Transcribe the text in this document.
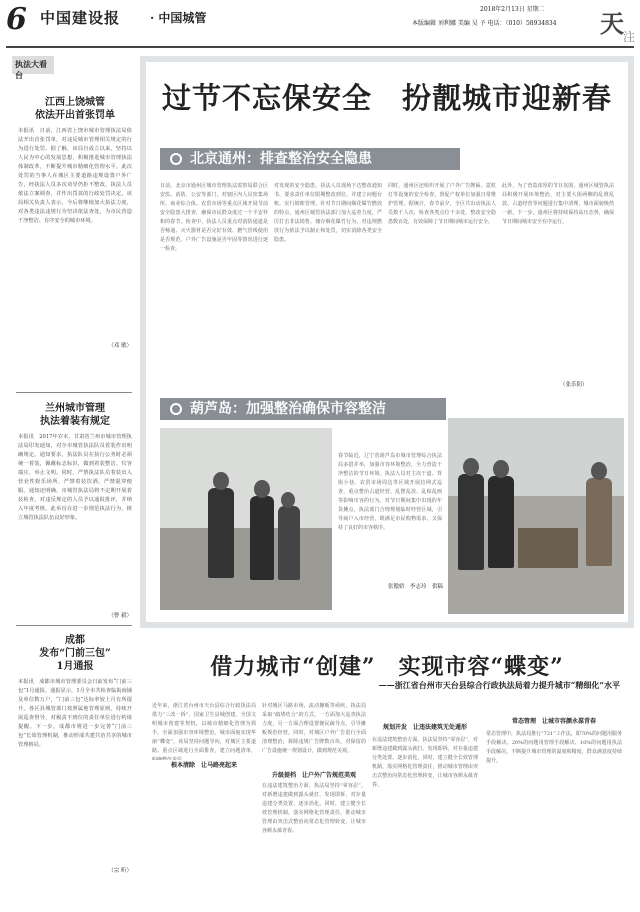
6 中国建设报 · 中国城管
2018年2月13日 星期二
本版编辑 刘利娜 美编 吴 予 电话：（010）58934834 天 注
执法大看台
江西上饶城管
依法开出首张罚单
本报讯　日前，江西省上饶市城市管理执法局依法开出首张罚单，对违反城市管理相关规定的行为进行处罚。据了解，该局自成立以来，坚持以人民为中心的发展思想，积极推进城市管理执法体制改革，不断提升城市精细化管理水平。此次处罚的当事人在城区主要道路违规设置户外广告，经执法人员多次劝导仍拒不整改。执法人员依法立案调查，并作出罚款的行政处罚决定。该局相关负责人表示，今后将继续加大执法力度，对各类违法违规行为坚决依法查处，为市民营造干净整洁、有序安全的城市环境。
（邓 敏）
兰州城市管理
执法着装有规定
本报讯　2017年岁末，甘肃省兰州市城市管理执法局印发通知，对全市城管执法队员着装作出明确规定。通知要求，执法队员在执行公务时必须统一着装，佩戴标志标识，做到着装整洁、仪容端庄、举止文明。同时，严禁执法队员着装出入营业性娱乐场所，严禁着装饮酒，严禁混穿便服。通知还明确，市城管执法局将不定期开展着装检查，对违反规定的人员予以通报批评，并纳入年度考核。此举旨在进一步规范执法行为，树立城管执法队伍良好形象。
（曹 毅）
成都
发布“门前三包”
1月通报
本报讯　成都市城市管理委员会日前发布“门前三包”1月通报。通报显示，1月全市共检查临街商铺及单位数万户，“门前三包”达标率较上月有所提升。各区县城管部门按照属地管理原则，持续开展巡查督导，对履责不到位的责任单位进行约谈提醒。下一步，成都市将进一步完善“门前三包”长效管理机制，推动形成共建共治共享的城市管理格局。
（宗 昕）
过节不忘保安全　扮靓城市迎新春
北京通州：排查整治安全隐患
日前，北京市通州区城市管理执法监察局联合区安监、消防、公安等部门，对辖区内人员密集场所、商业综合体、农贸市场等重点区域开展节前安全隐患大排查，确保市民群众度过一个平安祥和的春节。检查中，执法人员重点对消防通道是否畅通、灭火器材是否完好有效、燃气管线使用是否规范、户外广告设施是否牢固等情况进行逐一检查。
对发现的安全隐患，执法人员现场下达整改通知书，要求责任单位限期整改到位，并建立问题台账，实行销账管理。针对节日期间烟花爆竹燃放的特点，通州区城管执法部门加大巡查力度，严厉打击非法销售、储存烟花爆竹行为，对违规燃放行为依法予以制止和处罚，切实消除各类安全隐患。
同时，通州区还组织开展了户外广告牌匾、霓虹灯等设施的安全检查，督促产权单位加强日常维护管理。据统计，春节前夕，全区共出动执法人员数千人次，检查各类点位千余处，整改安全隐患数百处，有效保障了节日期间城市运行安全。
此外，为了营造浓厚的节日氛围，通州区城管执法局积极开展环境整治，对主要大街两侧的乱堆乱放、占道经营等问题进行集中清理，城市面貌焕然一新。下一步，通州区将持续保持高压态势，确保节日期间城市安全有序运行。
（张乐阳）
葫芦岛：加强整治确保市容整洁
春节临近，辽宁省葫芦岛市城市管理综合执法局多措并举，加强市容环境整治，全力营造干净整洁的节日环境。执法人员对主次干道、背街小巷、农贸市场周边等区域开展拉网式巡查，重点整治占道经营、乱摆乱放、乱贴乱画等影响市容的行为。对节日期间集中出现的年货摊点，执法部门合理规划临时经营区域，引导商户入市经营，既满足市民购物需求，又保持了良好的市容秩序。
张傲娇　李志玲　供稿
借力城市“创建”　实现市容“蝶变”
——浙江省台州市天台县综合行政执法局着力提升城市“精细化”水平
近年来，浙江省台州市天台县综合行政执法局借力“三改一拆”、国家卫生县城创建、全国文明城市创建等契机，以城市精细化管理为抓手，全面加强市容环境整治，城市面貌实现华丽“蝶变”。该局坚持问题导向，对城区主要道路、重点区域进行全面排查，建立问题清单，
根本清除　让马路亮起来
升级提档　让户外广告规范美观
针对城区马路市场、流动摊贩等顽疾，执法局采取“疏堵结合”的方式，一方面加大巡查执法力度，另一方面合理设置便民疏导点，引导摊贩规范经营。同时，对城区户外广告进行全面清理整治，拆除违规广告牌数百块，对保留的广告设施统一规划设计，做到规范美观。
在违法建筑整治方面，执法局坚持“零容忍”，对新增违建做到露头就打、发现即拆，对存量违建分类处置、逐步消化。同时，建立健全长效管理机制，落实网格化管理责任，推动城市管理由突击式整治向常态化管理转变，让城市容颜永葆青春。
规划开发　让违法建筑无处遁形
在违法建筑整治方面，执法局坚持“零容忍”，对新增违建做到露头就打、发现即拆，对存量违建分类处置、逐步消化。同时，建立健全长效管理机制，落实网格化管理责任，推动城市管理由突击式整治向常态化管理转变，让城市容颜永葆青春。
常态管理　让城市容颜永葆青春
常态管理中，执法局推行“721”工作法，即70%的问题用服务手段解决、20%的问题用管理手段解决、10%的问题用执法手段解决，不断提升城市管理的温度和精度，群众满意度持续提升。
